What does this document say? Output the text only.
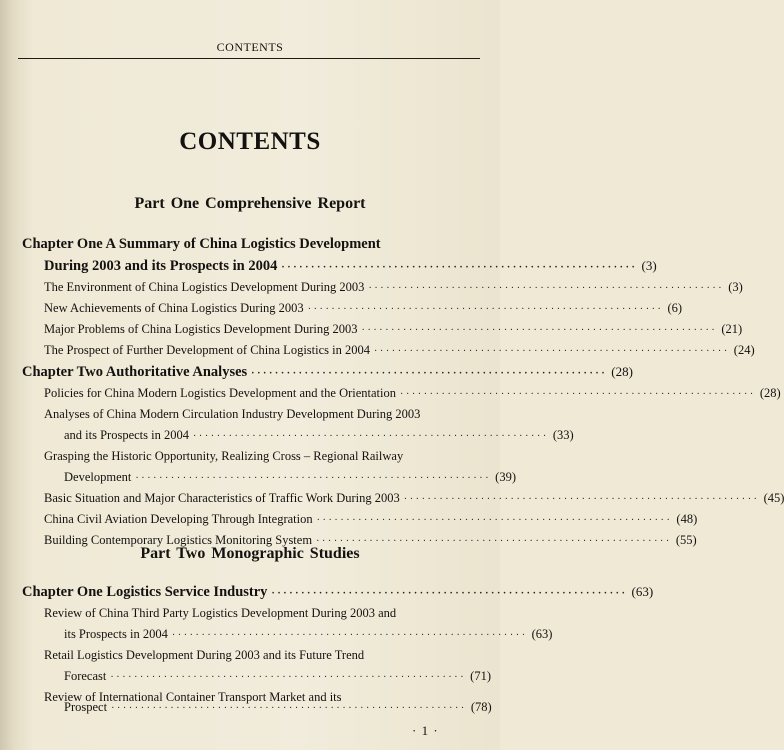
CONTENTS
CONTENTS
Part One Comprehensive Report
Chapter One A Summary of China Logistics Development
During 2003 and its Prospects in 2004 ···························································· (3)
The Environment of China Logistics Development During 2003 ···························································· (3)
New Achievements of China Logistics During 2003 ···························································· (6)
Major Problems of China Logistics Development During 2003 ···························································· (21)
The Prospect of Further Development of China Logistics in 2004 ···························································· (24)
Chapter Two Authoritative Analyses ···························································· (28)
Policies for China Modern Logistics Development and the Orientation ···························································· (28)
Analyses of China Modern Circulation Industry Development During 2003
and its Prospects in 2004 ···························································· (33)
Grasping the Historic Opportunity, Realizing Cross – Regional Railway
Development ···························································· (39)
Basic Situation and Major Characteristics of Traffic Work During 2003 ···························································· (45)
China Civil Aviation Developing Through Integration ···························································· (48)
Building Contemporary Logistics Monitoring System ···························································· (55)
Part Two Monographic Studies
Chapter One Logistics Service Industry ···························································· (63)
Review of China Third Party Logistics Development During 2003 and
its Prospects in 2004 ···························································· (63)
Retail Logistics Development During 2003 and its Future Trend
Forecast ···························································· (71)
Review of International Container Transport Market and its
Prospect ···························································· (78)
· 1 ·
